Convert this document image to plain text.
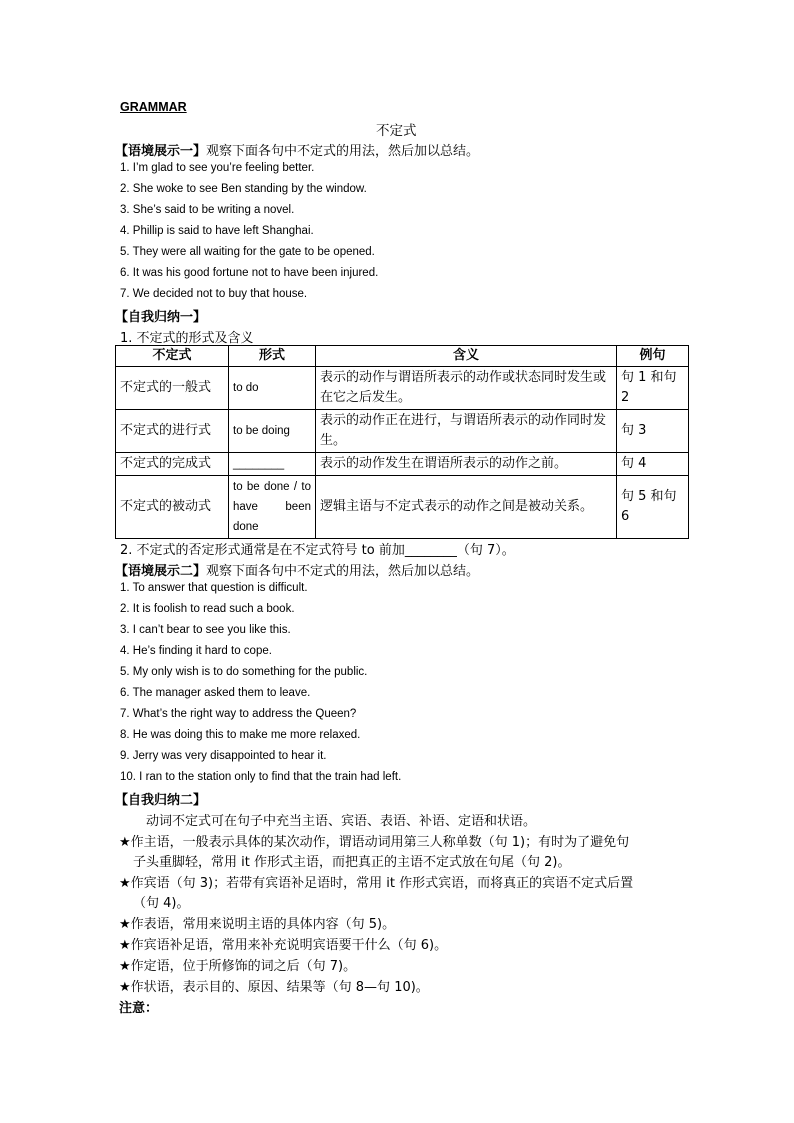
GRAMMAR
不定式
【语境展示一】观察下面各句中不定式的用法，然后加以总结。
1. I’m glad to see you’re feeling better.
2. She woke to see Ben standing by the window.
3. She’s said to be writing a novel.
4. Phillip is said to have left Shanghai.
5. They were all waiting for the gate to be opened.
6. It was his good fortune not to have been injured.
7. We decided not to buy that house.
【自我归纳一】
1. 不定式的形式及含义
不定式	形式	含义	例句
不定式的一般式	to do	表示的动作与谓语所表示的动作或状态同时发生或在它之后发生。	句 1 和句 2
不定式的进行式	to be doing	表示的动作正在进行，与谓语所表示的动作同时发生。	句 3
不定式的完成式	________	表示的动作发生在谓语所表示的动作之前。	句 4
不定式的被动式	to be done / to have been done	逻辑主语与不定式表示的动作之间是被动关系。	句 5 和句 6
2. 不定式的否定形式通常是在不定式符号 to 前加________（句 7）。
【语境展示二】观察下面各句中不定式的用法，然后加以总结。
1. To answer that question is difficult.
2. It is foolish to read such a book.
3. I can’t bear to see you like this.
4. He’s finding it hard to cope.
5. My only wish is to do something for the public.
6. The manager asked them to leave.
7. What’s the right way to address the Queen?
8. He was doing this to make me more relaxed.
9. Jerry was very disappointed to hear it.
10. I ran to the station only to find that the train had left.
【自我归纳二】
动词不定式可在句子中充当主语、宾语、表语、补语、定语和状语。
★作主语，一般表示具体的某次动作，谓语动词用第三人称单数（句 1)；有时为了避免句
子头重脚轻，常用 it 作形式主语，而把真正的主语不定式放在句尾（句 2)。
★作宾语（句 3)；若带有宾语补足语时，常用 it 作形式宾语，而将真正的宾语不定式后置
（句 4)。
★作表语，常用来说明主语的具体内容（句 5)。
★作宾语补足语，常用来补充说明宾语要干什么（句 6)。
★作定语，位于所修饰的词之后（句 7)。
★作状语，表示目的、原因、结果等（句 8—句 10)。
注意：
